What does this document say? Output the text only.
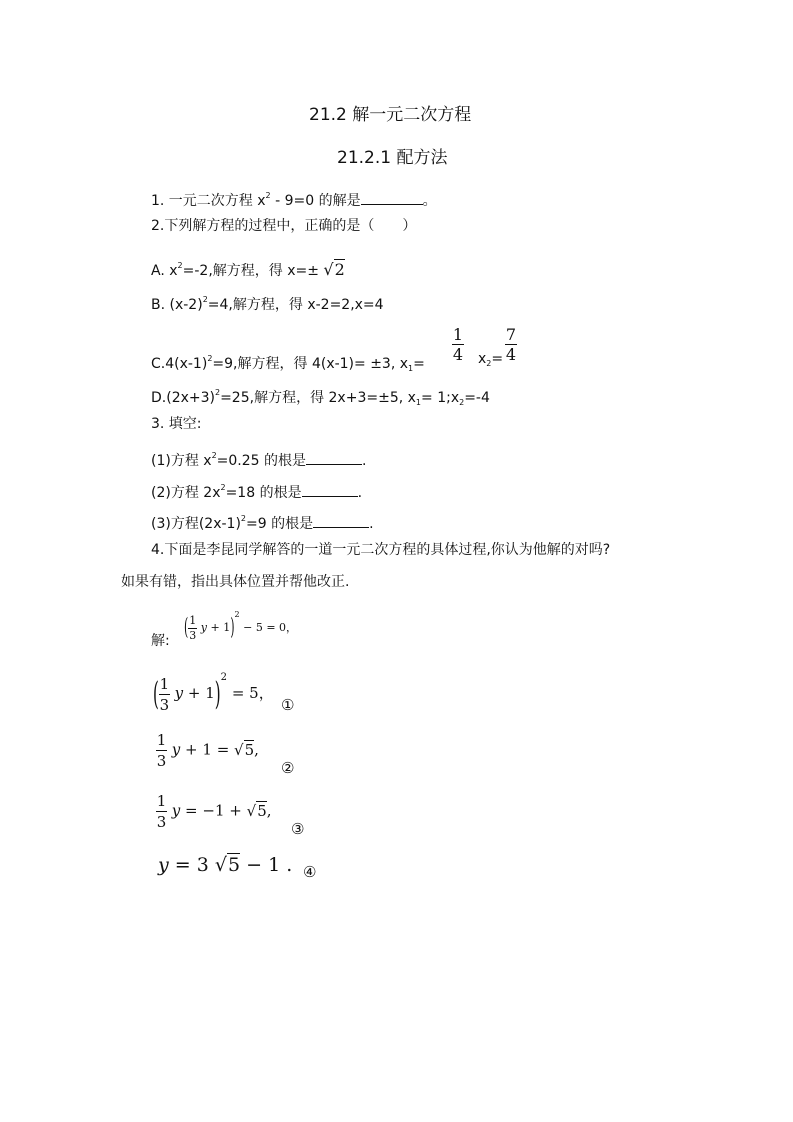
21.2 解一元二次方程
21.2.1 配方法
1. 一元二次方程 $x^2 - 9=0$ 的解是	。
2.下列解方程的过程中，正确的是（　　）
A. $x^2=-2$,解方程，得 x=± √2
B. $(x-2)^2=4$,解方程，得 x-2=2,x=4
$C.4(x-1)^2=9$,解方程，得 4(x-1)= ±3, $x_1=$
1
4 $x_2=$
7
4
$D.(2x+3)^2=25$,解方程，得 2x+3=±5, $x_1=$ $1;x_2=-4$
3. 填空:
(1)方程 $x^2=0.25$ 的根是	.
(2)方程 $2x^2=18$ 的根是	.
(3)方程$(2x-1)^2=9$ 的根是	.
4.下面是李昆同学解答的一道一元二次方程的具体过程,你认为他解的对吗?
如果有错，指出具体位置并帮他改正.
解:
( $\frac{1}{3}$ y + 1)$^2$ − 5 = 0，
( $\frac{1}{3}$ y + 1)$^2$ = 5，
①
$\frac{1}{3}$ y + 1 = √5,
②
$\frac{1}{3}$ y = −1 + √5,
③
y = 3 √5 − 1 . ④
